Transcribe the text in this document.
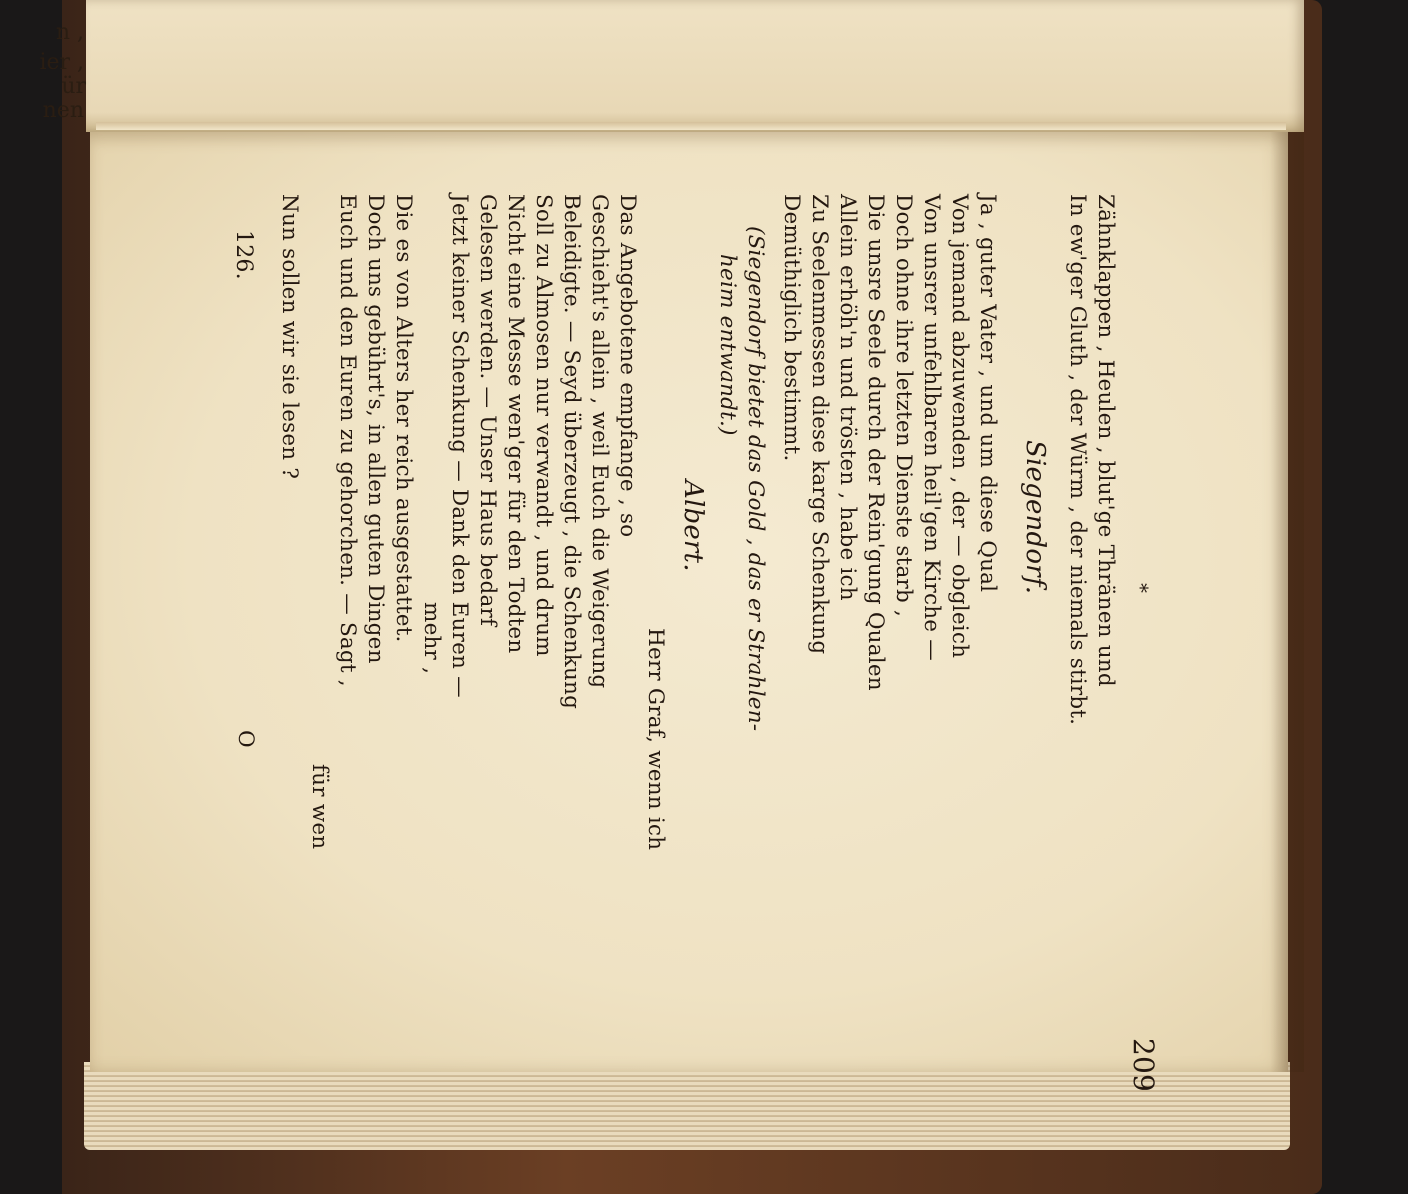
n ,
ier ,
ür
nen
209
*
Zähnklappen , Heulen , blut'ge Thränen und
In ew'ger Gluth , der Würm , der niemals stirbt.
Siegendorf.
Ja , guter Vater , und um diese Qual
Von jemand abzuwenden , der — obgleich
Von unsrer unfehlbaren heil'gen Kirche —
Doch ohne ihre letzten Dienste starb ,
Die unsre Seele durch der Rein'gung Qualen
Allein erhöh'n und trösten , habe ich
Zu Seelenmessen diese karge Schenkung
Demüthiglich bestimmt.
(Siegendorf bietet das Gold , das er Strahlen-
heim entwandt.)
Albert.
Herr Graf, wenn ich
Das Angebotene empfange , so
Geschieht's allein , weil Euch die Weigerung
Beleidigte. — Seyd überzeugt , die Schenkung
Soll zu Almosen nur verwandt , und drum
Nicht eine Messe wen'ger für den Todten
Gelesen werden. — Unser Haus bedarf
Jetzt keiner Schenkung — Dank den Euren —
mehr ,
Die es von Alters her reich ausgestattet.
Doch uns gebührt's, in allen guten Dingen
Euch und den Euren zu gehorchen. — Sagt ,
für wen
Nun sollen wir sie lesen ?
126.
O
